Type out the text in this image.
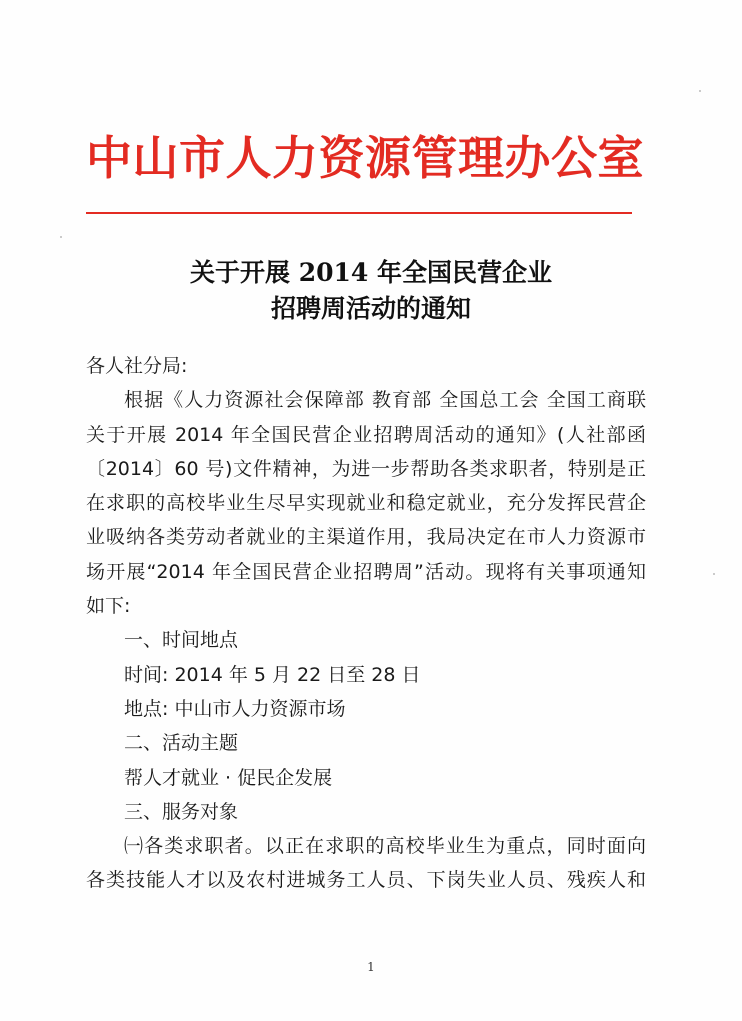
中山市人力资源管理办公室
关于开展 2014 年全国民营企业
招聘周活动的通知
各人社分局:
根据《人力资源社会保障部 教育部 全国总工会 全国工商联
关于开展 2014 年全国民营企业招聘周活动的通知》(人社部函
〔2014〕60 号)文件精神，为进一步帮助各类求职者，特别是正
在求职的高校毕业生尽早实现就业和稳定就业，充分发挥民营企
业吸纳各类劳动者就业的主渠道作用，我局决定在市人力资源市
场开展“2014 年全国民营企业招聘周”活动。现将有关事项通知
如下:
一、时间地点
时间: 2014 年 5 月 22 日至 28 日
地点: 中山市人力资源市场
二、活动主题
帮人才就业 · 促民企发展
三、服务对象
㈠各类求职者。以正在求职的高校毕业生为重点，同时面向
各类技能人才以及农村进城务工人员、下岗失业人员、残疾人和
1
